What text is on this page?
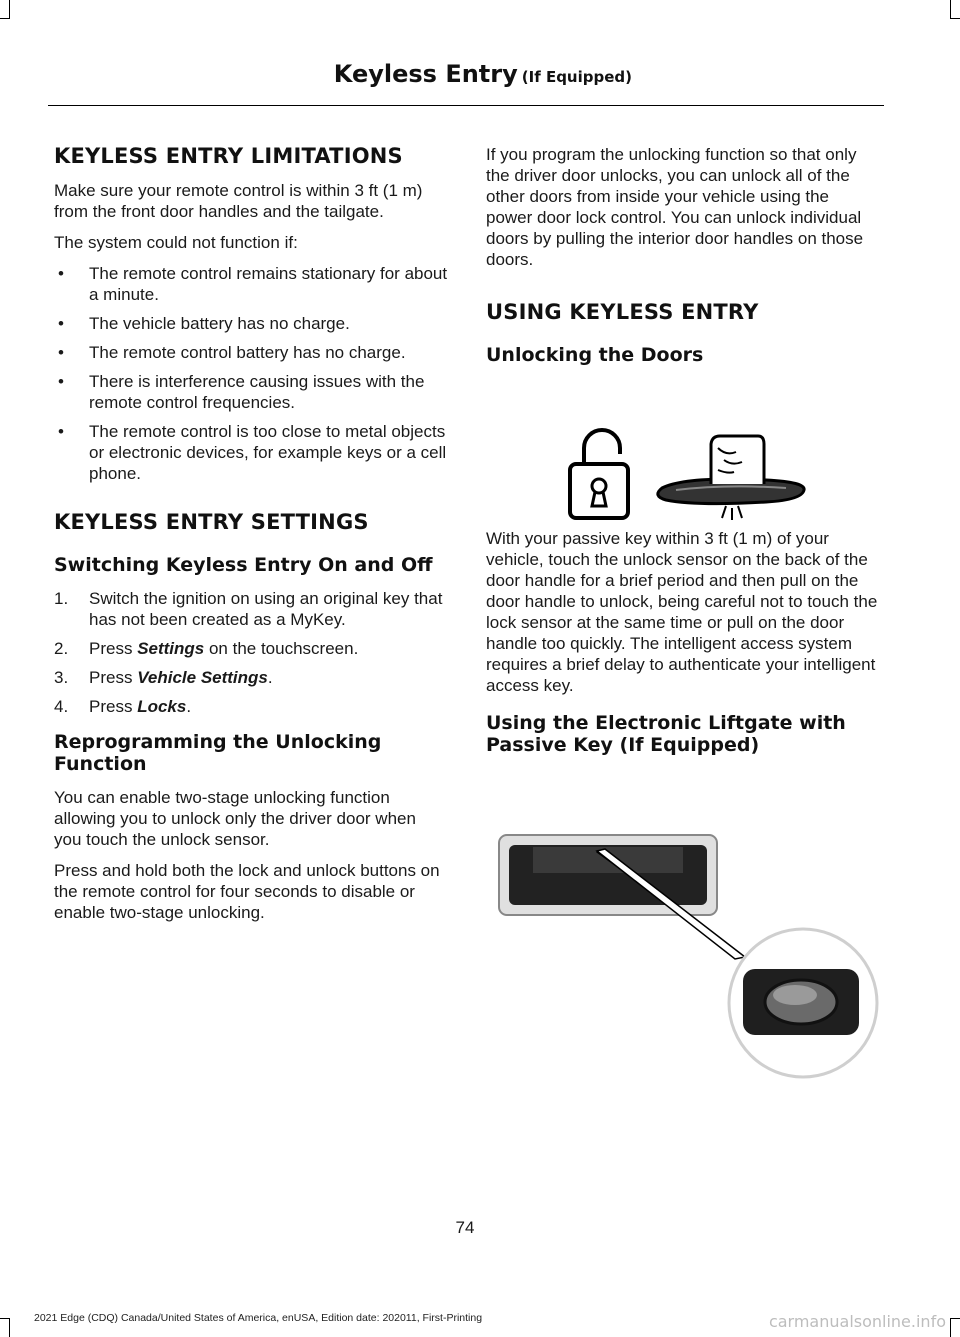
Keyless Entry (If Equipped)
KEYLESS ENTRY LIMITATIONS

Make sure your remote control is within 3 ft (1 m) from the front door handles and the tailgate.

The system could not function if:

• The remote control remains stationary for about a minute.
• The vehicle battery has no charge.
• The remote control battery has no charge.
• There is interference causing issues with the remote control frequencies.
• The remote control is too close to metal objects or electronic devices, for example keys or a cell phone.
KEYLESS ENTRY SETTINGS
Switching Keyless Entry On and Off
1. Switch the ignition on using an original key that has not been created as a MyKey.
2. Press Settings on the touchscreen.
3. Press Vehicle Settings.
4. Press Locks.
Reprogramming the Unlocking Function

You can enable two-stage unlocking function allowing you to unlock only the driver door when you touch the unlock sensor.

Press and hold both the lock and unlock buttons on the remote control for four seconds to disable or enable two-stage unlocking.

If you program the unlocking function so that only the driver door unlocks, you can unlock all of the other doors from inside your vehicle using the power door lock control. You can unlock individual doors by pulling the interior door handles on those doors.

USING KEYLESS ENTRY
Unlocking the Doors

With your passive key within 3 ft (1 m) of your vehicle, touch the unlock sensor on the back of the door handle for a brief period and then pull on the door handle to unlock, being careful not to touch the lock sensor at the same time or pull on the door handle too quickly. The intelligent access system requires a brief delay to authenticate your intelligent access key.

Using the Electronic Liftgate with Passive Key (If Equipped)
74
2021 Edge (CDQ) Canada/United States of America, enUSA, Edition date: 202011, First-Printing	carmanualsonline.info
